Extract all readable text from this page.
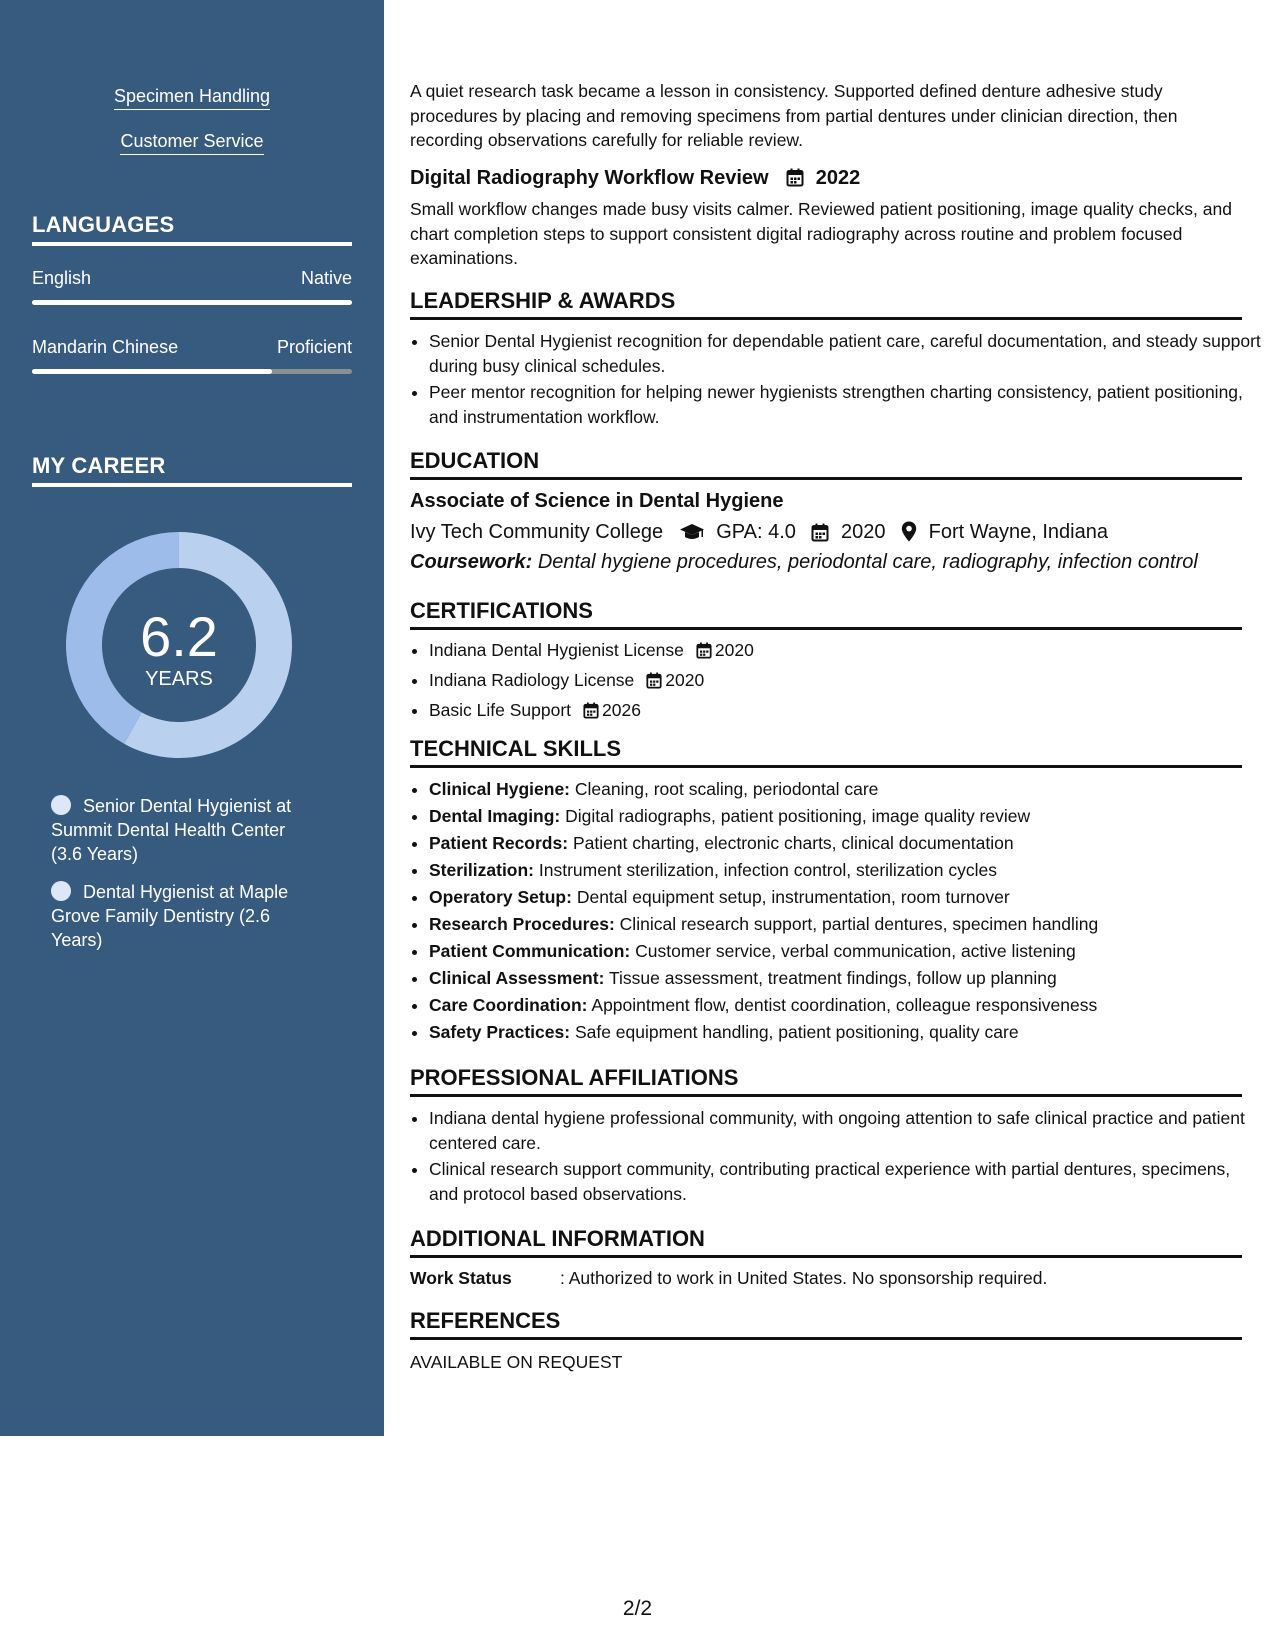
Specimen Handling
Customer Service
LANGUAGES
English	Native
Mandarin Chinese	Proficient
MY CAREER
6.2
YEARS
Senior Dental Hygienist at Summit Dental Health Center (3.6 Years)
Dental Hygienist at Maple Grove Family Dentistry (2.6 Years)
A quiet research task became a lesson in consistency. Supported defined denture adhesive study procedures by placing and removing specimens from partial dentures under clinician direction, then recording observations carefully for reliable review.
Digital Radiography Workflow Review 2022
Small workflow changes made busy visits calmer. Reviewed patient positioning, image quality checks, and chart completion steps to support consistent digital radiography across routine and problem focused examinations.
LEADERSHIP & AWARDS
• Senior Dental Hygienist recognition for dependable patient care, careful documentation, and steady support during busy clinical schedules.
• Peer mentor recognition for helping newer hygienists strengthen charting consistency, patient positioning, and instrumentation workflow.
EDUCATION
Associate of Science in Dental Hygiene
Ivy Tech Community College	GPA: 4.0 2020 Fort Wayne, Indiana
Coursework: Dental hygiene procedures, periodontal care, radiography, infection control
CERTIFICATIONS
• Indiana Dental Hygienist License 2020
• Indiana Radiology License 2020
• Basic Life Support 2026
TECHNICAL SKILLS
• Clinical Hygiene: Cleaning, root scaling, periodontal care
• Dental Imaging: Digital radiographs, patient positioning, image quality review
• Patient Records: Patient charting, electronic charts, clinical documentation
• Sterilization: Instrument sterilization, infection control, sterilization cycles
• Operatory Setup: Dental equipment setup, instrumentation, room turnover
• Research Procedures: Clinical research support, partial dentures, specimen handling
• Patient Communication: Customer service, verbal communication, active listening
• Clinical Assessment: Tissue assessment, treatment findings, follow up planning
• Care Coordination: Appointment flow, dentist coordination, colleague responsiveness
• Safety Practices: Safe equipment handling, patient positioning, quality care
PROFESSIONAL AFFILIATIONS
• Indiana dental hygiene professional community, with ongoing attention to safe clinical practice and patient centered care.
• Clinical research support community, contributing practical experience with partial dentures, specimens, and protocol based observations.
ADDITIONAL INFORMATION
Work Status	: Authorized to work in United States. No sponsorship required.
REFERENCES
AVAILABLE ON REQUEST
2/2
